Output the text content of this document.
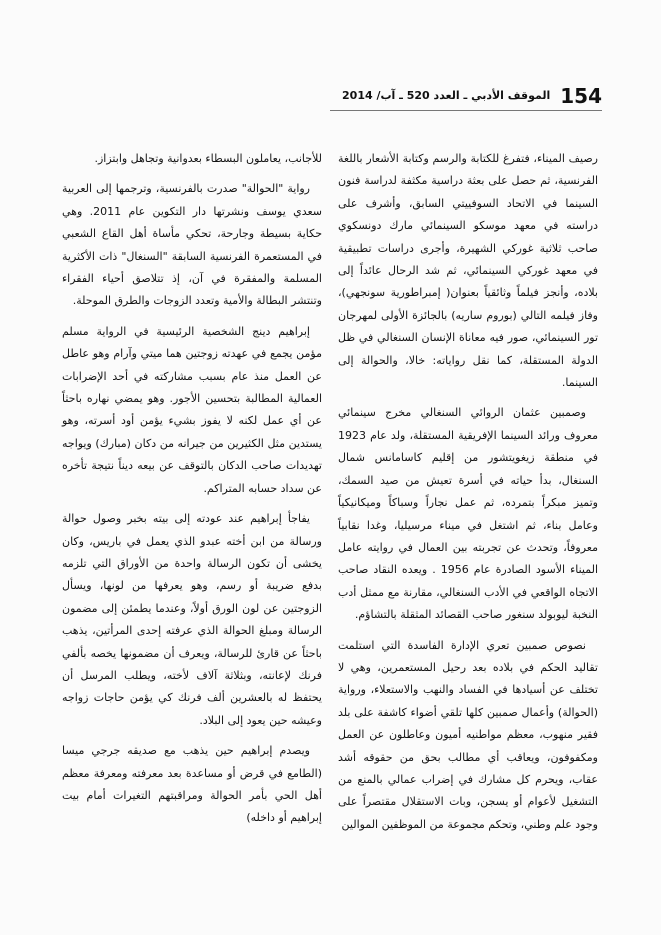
154
الموقف الأدبي ـ العدد 520 ـ آب/ 2014

رصيف الميناء، فتفرغ للكتابة والرسم وكتابة الأشعار باللغة الفرنسية، ثم حصل على بعثة دراسية مكثفة لدراسة فنون السينما في الاتحاد السوفييتي السابق، وأشرف على دراسته في معهد موسكو السينمائي مارك دونسكوي صاحب ثلاثية غوركي الشهيرة، وأجرى دراسات تطبيقية في معهد غوركي السينمائي، ثم شد الرحال عائداً إلى بلاده، وأنجز فيلماً وثائقياً بعنوان( إمبراطورية سونجهي)، وفاز فيلمه التالي (بوروم ساريه) بالجائزة الأولى لمهرجان تور السينمائي، صور فيه معاناة الإنسان السنغالي في ظل الدولة المستقلة، كما نقل رواياته: خالا، والحوالة إلى السينما.

وصمبين عثمان الروائي السنغالي مخرج سينمائي معروف ورائد السينما الإفريقية المستقلة، ولد عام 1923 في منطقة زيغويتشور من إقليم كاسامانس شمال السنغال، بدأ حياته في أسرة تعيش من صيد السمك، وتميز مبكراً بتمرده، ثم عمل نجاراً وسباكاً وميكانيكياً وعامل بناء، ثم اشتغل في ميناء مرسيليا، وغدا نقابياً معروفاً، وتحدث عن تجربته بين العمال في روايته عامل الميناء الأسود الصادرة عام 1956 . ويعده النقاد صاحب الاتجاه الواقعي في الأدب السنغالي، مقارنة مع ممثل أدب النخبة ليوبولد سنغور صاحب القصائد المثقلة بالتشاؤم.

نصوص صمبين تعري الإدارة الفاسدة التي استلمت تقاليد الحكم في بلاده بعد رحيل المستعمرين، وهي لا تختلف عن أسيادها في الفساد والنهب والاستعلاء، ورواية (الحوالة) وأعمال صمبين كلها تلقي أضواء كاشفة على بلد فقير منهوب، معظم مواطنيه أميون وعاطلون عن العمل ومكفوفون، ويعاقب أي مطالب بحق من حقوقه أشد عقاب، ويحرم كل مشارك في إضراب عمالي بالمنع من التشغيل لأعوام أو يسجن، وبات الاستقلال مقتصراً على وجود علم وطني، وتحكم مجموعة من الموظفين الموالين

للأجانب، يعاملون البسطاء بعدوانية وتجاهل وابتزاز.

رواية "الحوالة" صدرت بالفرنسية، وترجمها إلى العربية سعدي يوسف ونشرتها دار التكوين عام 2011. وهي حكاية بسيطة وجارحة، تحكي مأساة أهل القاع الشعبي في المستعمرة الفرنسية السابقة "السنغال" ذات الأكثرية المسلمة والمفقرة في آن، إذ تتلاصق أحياء الفقراء وتنتشر البطالة والأمية وتعدد الزوجات والطرق الموحلة.

إبراهيم دينج الشخصية الرئيسية في الرواية مسلم مؤمن يجمع في عهدته زوجتين هما ميتي وآرام وهو عاطل عن العمل منذ عام بسبب مشاركته في أحد الإضرابات العمالية المطالبة بتحسين الأجور. وهو يمضي نهاره باحثاً عن أي عمل لكنه لا يفوز بشيء يؤمن أود أسرته، وهو يستدين مثل الكثيرين من جيرانه من دكان (مبارك) ويواجه تهديدات صاحب الدكان بالتوقف عن بيعه ديناً نتيجة تأخره عن سداد حسابه المتراكم.

يفاجأ إبراهيم عند عودته إلى بيته بخبر وصول حوالة ورسالة من ابن أخته عبدو الذي يعمل في باريس، وكان يخشى أن تكون الرسالة واحدة من الأوراق التي تلزمه بدفع ضريبة أو رسم، وهو يعرفها من لونها، ويسأل الزوجتين عن لون الورق أولاً، وعندما يطمئن إلى مضمون الرسالة ومبلغ الحوالة الذي عرفته إحدى المرأتين، يذهب باحثاً عن قارئ للرسالة، ويعرف أن مضمونها يخصه بألفي فرنك لإعانته، وبثلاثة آلاف لأخته، ويطلب المرسل أن يحتفظ له بالعشرين ألف فرنك كي يؤمن حاجات زواجه وعيشه حين يعود إلى البلاد.

ويصدم إبراهيم حين يذهب مع صديقه جرجي ميسا (الطامع في قرض أو مساعدة بعد معرفته ومعرفة معظم أهل الحي بأمر الحوالة ومراقبتهم التغيرات أمام بيت إبراهيم أو داخله)
